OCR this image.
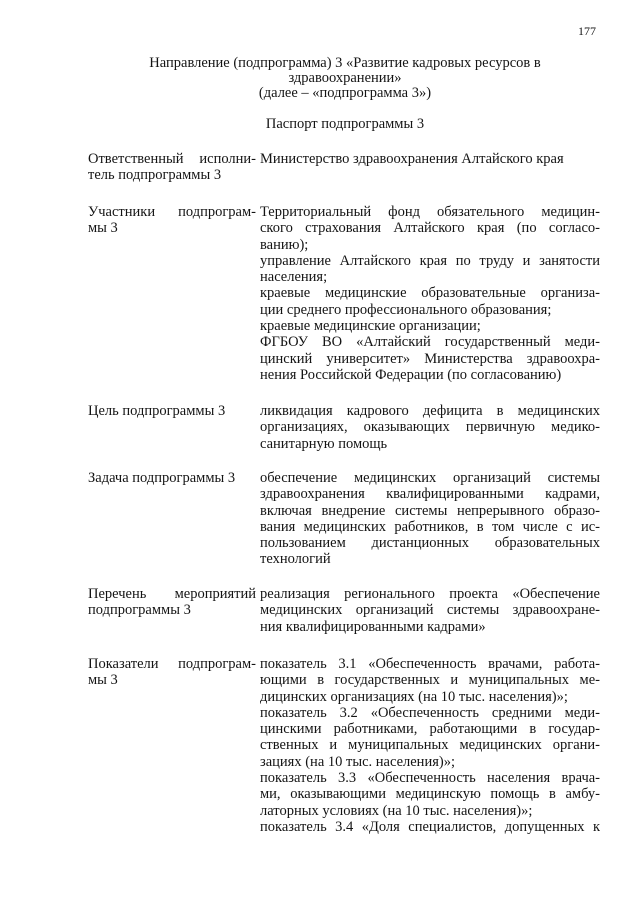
177
Направление (подпрограмма) 3 «Развитие кадровых ресурсов в
здравоохранении»
(далее – «подпрограмма 3»)
Паспорт подпрограммы 3
Ответственный исполни-
тель подпрограммы 3
Министерство здравоохранения Алтайского края
Участники подпрограм-
мы 3
Территориальный фонд обязательного медицин-
ского страхования Алтайского края (по согласо-
ванию);
управление Алтайского края по труду и занятости
населения;
краевые медицинские образовательные организа-
ции среднего профессионального образования;
краевые медицинские организации;
ФГБОУ ВО «Алтайский государственный меди-
цинский университет» Министерства здравоохра-
нения Российской Федерации (по согласованию)
Цель подпрограммы 3	ликвидация кадрового дефицита в медицинских
организациях, оказывающих первичную медико-
санитарную помощь
Задача подпрограммы 3	обеспечение медицинских организаций системы
здравоохранения квалифицированными кадрами,
включая внедрение системы непрерывного образо-
вания медицинских работников, в том числе с ис-
пользованием дистанционных образовательных
технологий
Перечень мероприятий
подпрограммы 3
реализация регионального проекта «Обеспечение
медицинских организаций системы здравоохране-
ния квалифицированными кадрами»
Показатели подпрограм-
мы 3
показатель 3.1 «Обеспеченность врачами, работа-
ющими в государственных и муниципальных ме-
дицинских организациях (на 10 тыс. населения)»;
показатель 3.2 «Обеспеченность средними меди-
цинскими работниками, работающими в государ-
ственных и муниципальных медицинских органи-
зациях (на 10 тыс. населения)»;
показатель 3.3 «Обеспеченность населения врача-
ми, оказывающими медицинскую помощь в амбу-
латорных условиях (на 10 тыс. населения)»;
показатель 3.4 «Доля специалистов, допущенных к
